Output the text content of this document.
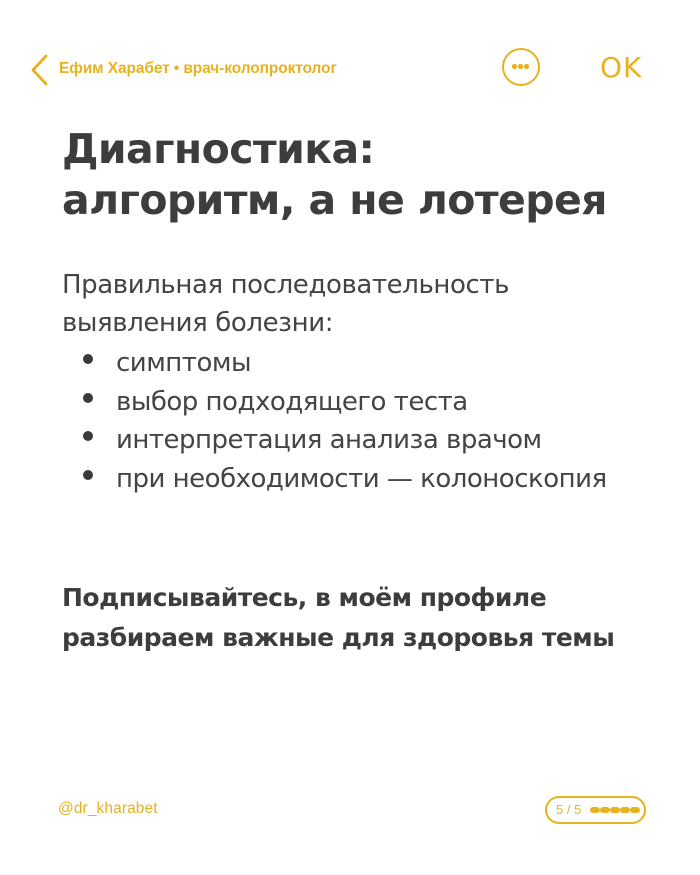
Ефим Харабет • врач-колопроктолог	OK
Диагностика:
алгоритм, а не лотерея
Правильная последовательность
выявления болезни:
симптомы
выбор подходящего теста
интерпретация анализа врачом
при необходимости — колоноскопия
Подписывайтесь, в моём профиле
разбираем важные для здоровья темы
@dr_kharabet	5 / 5
